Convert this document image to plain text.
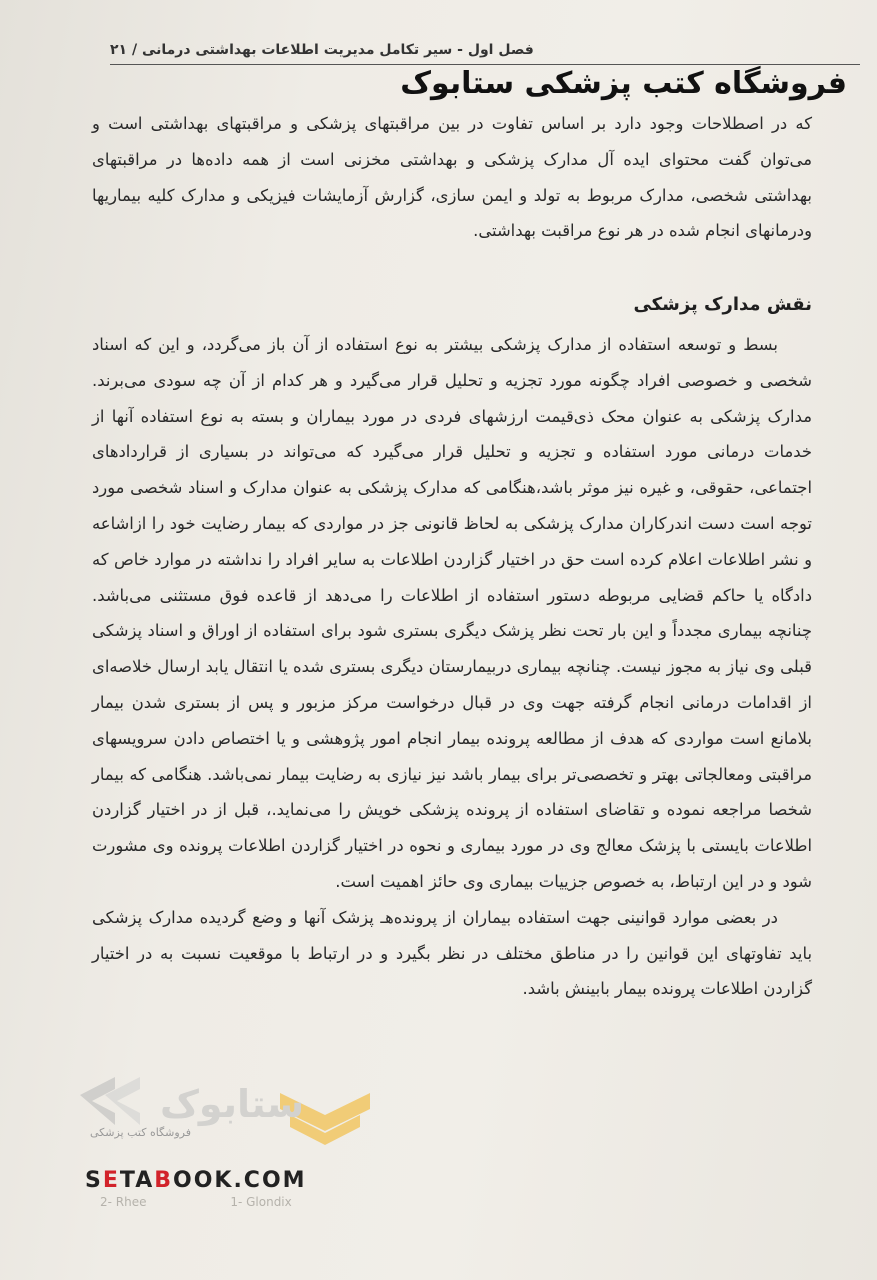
فصل اول - سیر تکامل مدیریت اطلاعات بهداشتی درمانی / ۲۱
فروشگاه کتب پزشکی ستابوک

که در اصطلاحات وجود دارد بر اساس تفاوت در بین مراقبتهای پزشکی و مراقبتهای بهداشتی است و می‌توان گفت محتوای ایده آل مدارک پزشکی و بهداشتی مخزنی است از همه داده‌ها در مراقبتهای بهداشتی شخصی، مدارک مربوط به تولد و ایمن سازی، گزارش آزمایشات فیزیکی و مدارک کلیه بیماریها ودرمانهای انجام شده در هر نوع مراقبت بهداشتی.

نقش مدارک پزشکی

بسط و توسعه استفاده از مدارک پزشکی بیشتر به نوع استفاده از آن باز می‌گردد، و این که اسناد شخصی و خصوصی افراد چگونه مورد تجزیه و تحلیل قرار می‌گیرد و هر کدام از آن چه سودی می‌برند. مدارک پزشکی به عنوان محک ذی‌قیمت ارزشهای فردی در مورد بیماران و بسته به نوع استفاده آنها از خدمات درمانی مورد استفاده و تجزیه و تحلیل قرار می‌گیرد که می‌تواند در بسیاری از قراردادهای اجتماعی، حقوقی، و غیره نیز موثر باشد،هنگامی که مدارک پزشکی به عنوان مدارک و اسناد شخصی مورد توجه است دست اندرکاران مدارک پزشکی به لحاظ قانونی جز در مواردی که بیمار رضایت خود را ازاشاعه و نشر اطلاعات اعلام کرده است حق در اختیار گزاردن اطلاعات به سایر افراد را نداشته در موارد خاص که دادگاه یا حاکم قضایی مربوطه دستور استفاده از اطلاعات را می‌دهد از قاعده فوق مستثنی می‌باشد. چنانچه بیماری مجدداً و این بار تحت نظر پزشک دیگری بستری شود برای استفاده از اوراق و اسناد پزشکی قبلی وی نیاز به مجوز نیست. چنانچه بیماری دربیمارستان دیگری بستری شده یا انتقال یابد ارسال خلاصه‌ای از اقدامات درمانی انجام گرفته جهت وی در قبال درخواست مرکز مزبور و پس از بستری شدن بیمار بلامانع است مواردی که هدف از مطالعه پرونده بیمار انجام امور پژوهشی و یا اختصاص دادن سرویسهای مراقبتی ومعالجاتی بهتر و تخصصی‌تر برای بیمار باشد نیز نیازی به رضایت بیمار نمی‌باشد. هنگامی که بیمار شخصا مراجعه نموده و تقاضای استفاده از پرونده پزشکی خویش را می‌نماید.، قبل از در اختیار گزاردن اطلاعات بایستی با پزشک معالج وی در مورد بیماری و نحوه در اختیار گزاردن اطلاعات پرونده وی مشورت شود و در این ارتباط، به خصوص جزییات بیماری وی حائز اهمیت است.

در بعضی موارد قوانینی جهت استفاده بیماران از پرونده‌هـ پزشک آنها و وضع گردیده مدارک پزشکی باید تفاوتهای این قوانین را در مناطق مختلف در نظر بگیرد و در ارتباط با موقعیت نسبت به در اختیار گزاردن اطلاعات پرونده بیمار بابینش باشد.

ستابوک
فروشگاه کتب پزشکی
SETABOOK.COM
2- Rhee	1- Glondix
